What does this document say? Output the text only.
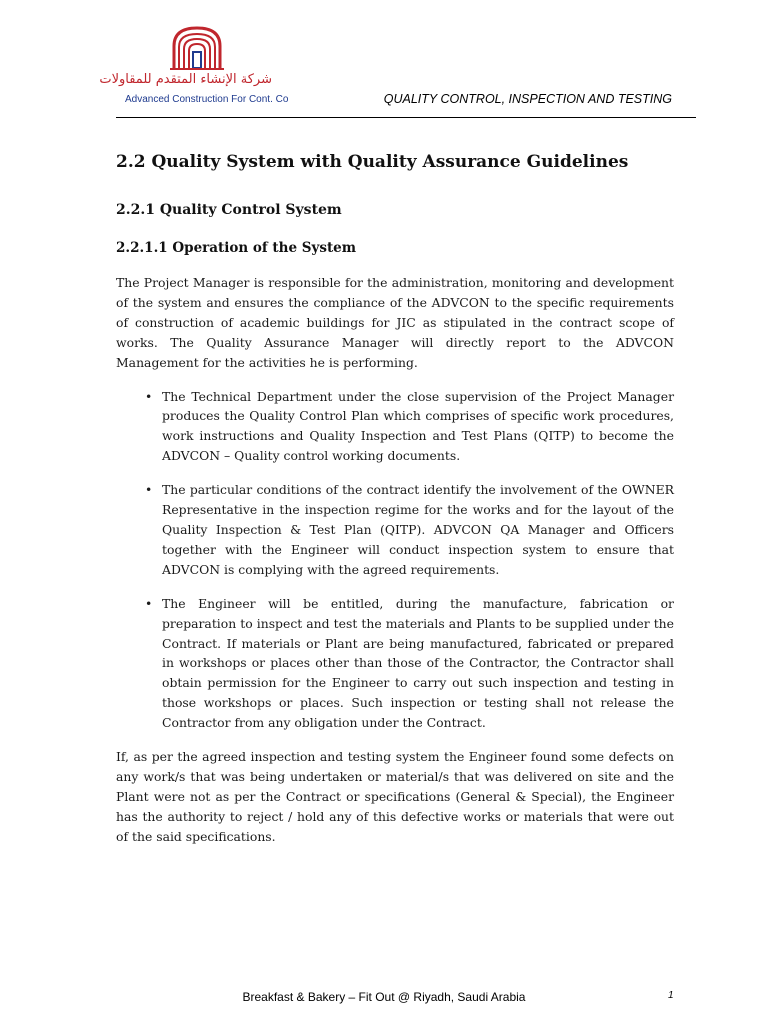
شركة الإنشاء المتقدم للمقاولات
Advanced Construction For Cont. Co	QUALITY CONTROL, INSPECTION AND TESTING
2.2 Quality System with Quality Assurance Guidelines
2.2.1 Quality Control System
2.2.1.1 Operation of the System

The Project Manager is responsible for the administration, monitoring and development of the system and ensures the compliance of the ADVCON to the specific requirements of construction of academic buildings for JIC as stipulated in the contract scope of works. The Quality Assurance Manager will directly report to the ADVCON Management for the activities he is performing.

• The Technical Department under the close supervision of the Project Manager produces the Quality Control Plan which comprises of specific work procedures, work instructions and Quality Inspection and Test Plans (QITP) to become the ADVCON – Quality control working documents.
• The particular conditions of the contract identify the involvement of the OWNER Representative in the inspection regime for the works and for the layout of the Quality Inspection & Test Plan (QITP). ADVCON QA Manager and Officers together with the Engineer will conduct inspection system to ensure that ADVCON is complying with the agreed requirements.
• The Engineer will be entitled, during the manufacture, fabrication or preparation to inspect and test the materials and Plants to be supplied under the Contract. If materials or Plant are being manufactured, fabricated or prepared in workshops or places other than those of the Contractor, the Contractor shall obtain permission for the Engineer to carry out such inspection and testing in those workshops or places. Such inspection or testing shall not release the Contractor from any obligation under the Contract.

If, as per the agreed inspection and testing system the Engineer found some defects on any work/s that was being undertaken or material/s that was delivered on site and the Plant were not as per the Contract or specifications (General & Special), the Engineer has the authority to reject / hold any of this defective works or materials that were out of the said specifications.

Breakfast & Bakery – Fit Out @ Riyadh, Saudi Arabia	1
